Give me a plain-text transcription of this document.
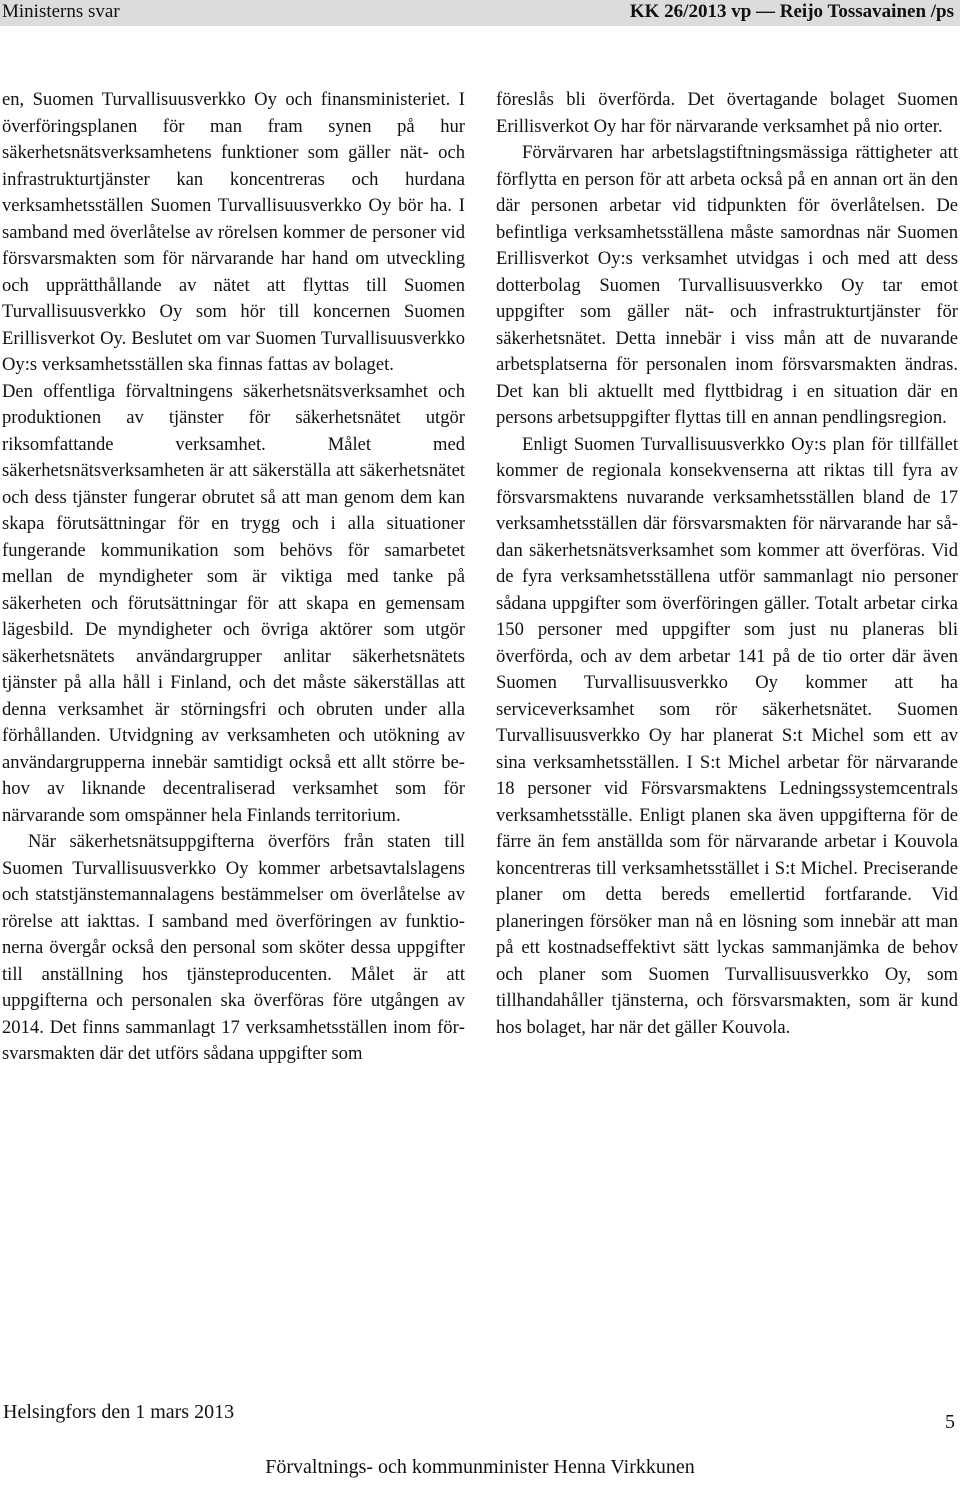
Ministerns svar	KK 26/2013 vp — Reijo Tossavainen /ps

en, Suomen Turvallisuusverkko Oy och finansministeriet. I överföringsplanen för man fram synen på hur säkerhetsnätsverksamhetens funktioner som gäller nät- och infrastrukturtjänster kan koncentreras och hurdana verksamhetsställen Suomen Turvallisuusverkko Oy bör ha. I samband med överlåtelse av rörelsen kommer de personer vid försvarsmakten som för närvarande har hand om utveckling och upprätthållande av nätet att flyttas till Suomen Turvallisuusverkko Oy som hör till koncernen Suomen Erillisverkot Oy. Beslutet om var Suomen Turvallisuusverkko Oy:s verksamhetsställen ska finnas fattas av bolaget.

Den offentliga förvaltningens säkerhetsnätsverksamhet och produktionen av tjänster för säkerhetsnätet utgör riksomfattande verksamhet. Målet med säkerhetsnätsverksamheten är att säkerställa att säkerhetsnätet och dess tjänster fungerar obrutet så att man genom dem kan skapa förutsättningar för en trygg och i alla situationer fungerande kommunikation som behövs för samarbetet mellan de myndigheter som är viktiga med tanke på säkerheten och förutsättningar för att skapa en gemensam lägesbild. De myndigheter och övriga aktörer som utgör säkerhetsnätets användargrupper anlitar säkerhetsnätets tjänster på alla håll i Finland, och det måste säkerställas att denna verksamhet är störningsfri och obruten under alla förhållanden. Utvidgning av verksamheten och utökning av användargrupperna innebär samtidigt också ett allt större behov av liknande decentraliserad verksamhet som för närvarande som omspänner hela Finlands territorium.

När säkerhetsnätsuppgifterna överförs från staten till Suomen Turvallisuusverkko Oy kommer arbetsavtalslagens och statstjänstemannalagens bestämmelser om överlåtelse av rörelse att iakttas. I samband med överföringen av funktionerna övergår också den personal som sköter dessa uppgifter till anställning hos tjänsteproducenten. Målet är att uppgifterna och personalen ska överföras före utgången av 2014. Det finns sammanlagt 17 verksamhetsställen inom försvarsmakten där det utförs sådana uppgifter som

föreslås bli överförda. Det övertagande bolaget Suomen Erillisverkot Oy har för närvarande verksamhet på nio orter.

Förvärvaren har arbetslagstiftningsmässiga rättigheter att förflytta en person för att arbeta också på en annan ort än den där personen arbetar vid tidpunkten för överlåtelsen. De befintliga verksamhetsställena måste samordnas när Suomen Erillisverkot Oy:s verksamhet utvidgas i och med att dess dotterbolag Suomen Turvallisuusverkko Oy tar emot uppgifter som gäller nät- och infrastrukturtjänster för säkerhetsnätet. Detta innebär i viss mån att de nuvarande arbetsplatserna för personalen inom försvarsmakten ändras. Det kan bli aktuellt med flyttbidrag i en situation där en persons arbetsuppgifter flyttas till en annan pendlingsregion.

Enligt Suomen Turvallisuusverkko Oy:s plan för tillfället kommer de regionala konsekvenserna att riktas till fyra av försvarsmaktens nuvarande verksamhetsställen bland de 17 verksamhetsställen där försvarsmakten för närvarande har sådan säkerhetsnätsverksamhet som kommer att överföras. Vid de fyra verksamhetsställena utför sammanlagt nio personer sådana uppgifter som överföringen gäller. Totalt arbetar cirka 150 personer med uppgifter som just nu planeras bli överförda, och av dem arbetar 141 på de tio orter där även Suomen Turvallisuusverkko Oy kommer att ha serviceverksamhet som rör säkerhetsnätet. Suomen Turvallisuusverkko Oy har planerat S:t Michel som ett av sina verksamhetsställen. I S:t Michel arbetar för närvarande 18 personer vid Försvarsmaktens Ledningssystemcentrals verksamhetsställe. Enligt planen ska även uppgifterna för de färre än fem anställda som för närvarande arbetar i Kouvola koncentreras till verksamhetsstället i S:t Michel. Preciserande planer om detta bereds emellertid fortfarande. Vid planeringen försöker man nå en lösning som innebär att man på ett kostnadseffektivt sätt lyckas sammanjämka de behov och planer som Suomen Turvallisuusverkko Oy, som tillhandahåller tjänsterna, och försvarsmakten, som är kund hos bolaget, har när det gäller Kouvola.

Helsingfors den 1 mars 2013	5
Förvaltnings- och kommunminister Henna Virkkunen
